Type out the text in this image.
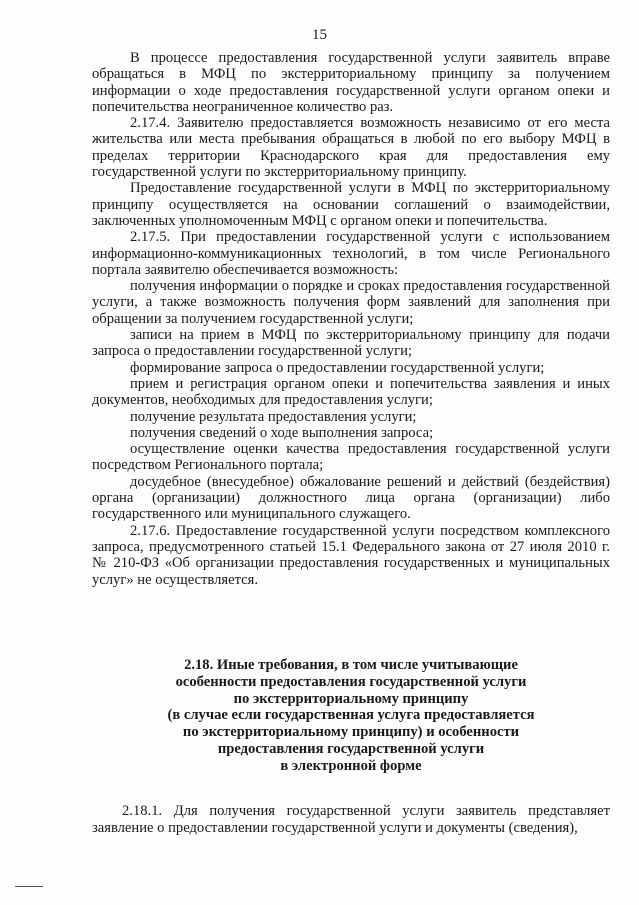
15

В процессе предоставления государственной услуги заявитель вправе обращаться в МФЦ по экстерриториальному принципу за получением информации о ходе предоставления государственной услуги органом опеки и попечительства неограниченное количество раз.

2.17.4. Заявителю предоставляется возможность независимо от его места жительства или места пребывания обращаться в любой по его выбору МФЦ в пределах территории Краснодарского края для предоставления ему государственной услуги по экстерриториальному принципу.

Предоставление государственной услуги в МФЦ по экстерриториальному принципу осуществляется на основании соглашений о взаимодействии, заключенных уполномоченным МФЦ с органом опеки и попечительства.

2.17.5. При предоставлении государственной услуги с использованием информационно-коммуникационных технологий, в том числе Регионального портала заявителю обеспечивается возможность:

получения информации о порядке и сроках предоставления государственной услуги, а также возможность получения форм заявлений для заполнения при обращении за получением государственной услуги;

записи на прием в МФЦ по экстерриториальному принципу для подачи запроса о предоставлении государственной услуги;

формирование запроса о предоставлении государственной услуги;

прием и регистрация органом опеки и попечительства заявления и иных документов, необходимых для предоставления услуги;

получение результата предоставления услуги;

получения сведений о ходе выполнения запроса;

осуществление оценки качества предоставления государственной услуги посредством Регионального портала;

досудебное (внесудебное) обжалование решений и действий (бездействия) органа (организации) должностного лица органа (организации) либо государственного или муниципального служащего.

2.17.6. Предоставление государственной услуги посредством комплексного запроса, предусмотренного статьей 15.1 Федерального закона от 27 июля 2010 г. № 210-ФЗ «Об организации предоставления государственных и муниципальных услуг» не осуществляется.

2.18. Иные требования, в том числе учитывающие
особенности предоставления государственной услуги
по экстерриториальному принципу
(в случае если государственная услуга предоставляется
по экстерриториальному принципу) и особенности
предоставления государственной услуги
в электронной форме

2.18.1. Для получения государственной услуги заявитель представляет заявление о предоставлении государственной услуги и документы (сведения),
